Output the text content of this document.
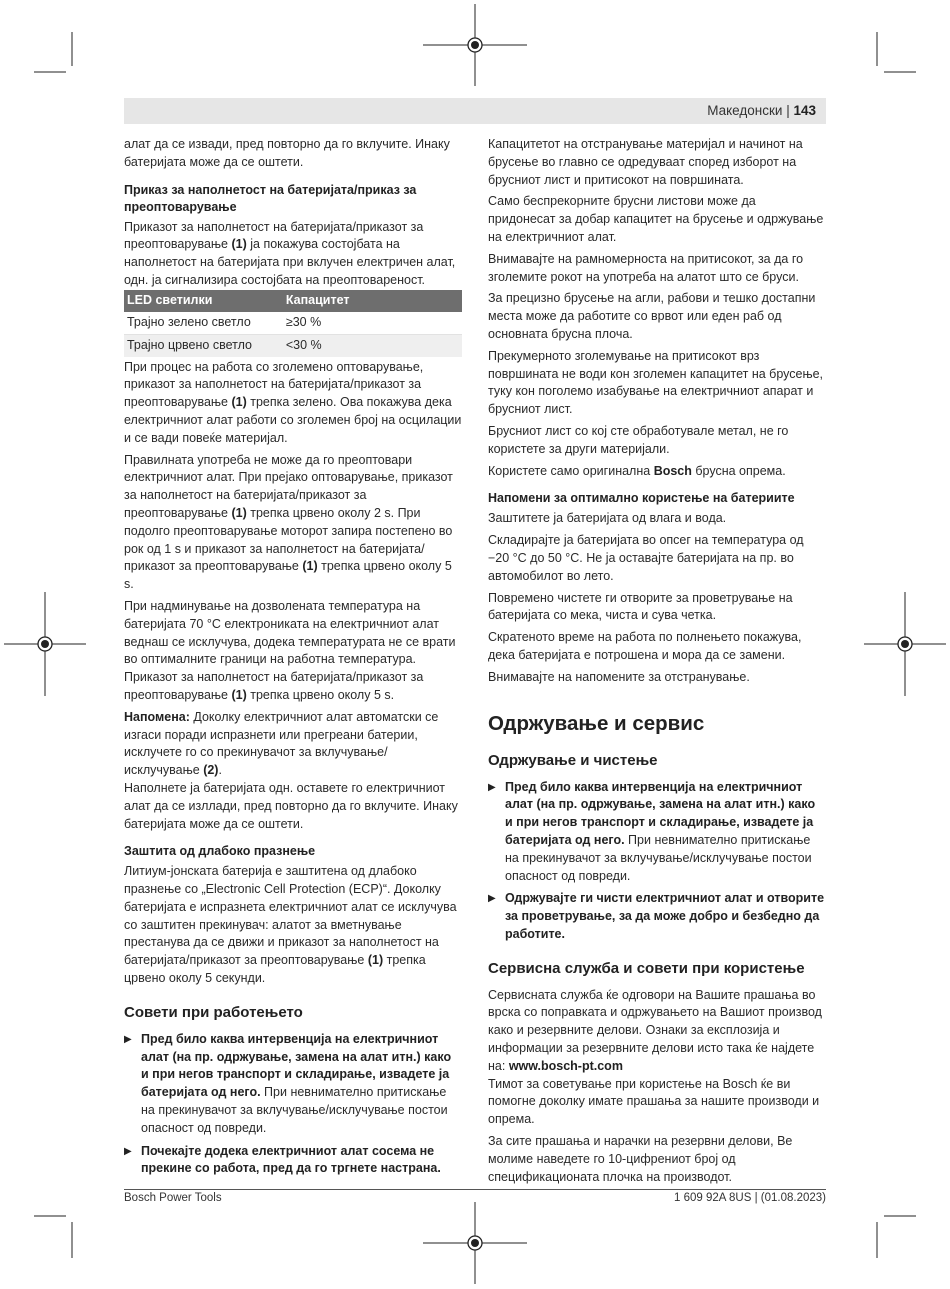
Македонски | 143

алат да се извади, пред повторно да го вклучите. Инаку батеријата може да се оштети.

Приказ за наполнетост на батеријата/приказ за преоптоварување

Приказот за наполнетост на батеријата/приказот за преоптоварување (1) ја покажува состојбата на наполнетост на батеријата при вклучен електричен алат, одн. ја сигнализира состојбата на преоптовареност.

LED светилки	Капацитет
Трајно зелено светло	≥30 %
Трајно црвено светло	<30 %

При процес на работа со зголемено оптоварување, приказот за наполнетост на батеријата/приказот за преоптоварување (1) трепка зелено. Ова покажува дека електричниот алат работи со зголемен број на осцилации и се вади повеќе материјал.

Правилната употреба не може да го преоптовари електричниот алат. При прејако оптоварување, приказот за наполнетост на батеријата/приказот за преоптоварување (1) трепка црвено околу 2 s. При подолго преоптоварување моторот запира постепено во рок од 1 s и приказот за наполнетост на батеријата/приказот за преоптоварување (1) трепка црвено околу 5 s.

При надминување на дозволената температура на батеријата 70 °C електрониката на електричниот алат веднаш се исклучува, додека температурата не се врати во оптималните граници на работна температура. Приказот за наполнетост на батеријата/приказот за преоптоварување (1) трепка црвено околу 5 s.

Напомена: Доколку електричниот алат автоматски се изгаси поради испразнети или прегреани батерии, исклучете го со прекинувачот за вклучување/исклучување (2).

Наполнете ја батеријата одн. оставете го електричниот алат да се изллади, пред повторно да го вклучите. Инаку батеријата може да се оштети.

Заштита од длабоко празнење

Литиум-јонската батерија е заштитена од длабоко празнење со „Electronic Cell Protection (ECP)“. Доколку батеријата е испразнета електричниот алат се исклучува со заштитен прекинувач: алатот за вметнување престанува да се движи и приказот за наполнетост на батеријата/приказот за преоптоварување (1) трепка црвено околу 5 секунди.

Совети при работењето
▶ Пред било каква интервенција на електричниот алат (на пр. одржување, замена на алат итн.) како и при негов транспорт и складирање, извадете ја батеријата од него. При невнимателно притискање на прекинувачот за вклучување/исклучување постои опасност од повреди.
▶ Почекајте додека електричниот алат сосема не прекине со работа, пред да го тргнете настрана.

Капацитетот на отстранување материјал и начинот на брусење во главно се одредуваат според изборот на брусниот лист и притисокот на површината.

Само беспрекорните брусни листови може да придонесат за добар капацитет на брусење и одржување на електричниот алат.

Внимавајте на рамномерноста на притисокот, за да го зголемите рокот на употреба на алатот што се бруси.

За прецизно брусење на агли, рабови и тешко достапни места може да работите со врвот или еден раб од основната брусна плоча.

Прекумерното зголемување на притисокот врз површината не води кон зголемен капацитет на брусење, туку кон поголемо изабување на електричниот апарат и брусниот лист.

Брусниот лист со кој сте обработувале метал, не го користете за други материјали.

Користете само оригинална Bosch брусна опрема.

Напомени за оптимално користење на батериите

Заштитете ја батеријата од влага и вода.

Складирајте ја батеријата во опсег на температура од −20 °C до 50 °C. Не ја оставајте батеријата на пр. во автомобилот во лето.

Повремено чистете ги отворите за проветрување на батеријата со мека, чиста и сува четка.

Скратеното време на работа по полнењето покажува, дека батеријата е потрошена и мора да се замени.

Внимавајте на напомените за отстранување.

Одржување и сервис
Одржување и чистење
▶ Пред било каква интервенција на електричниот алат (на пр. одржување, замена на алат итн.) како и при негов транспорт и складирање, извадете ја батеријата од него. При невнимателно притискање на прекинувачот за вклучување/исклучување постои опасност од повреди.
▶ Одржувајте ги чисти електричниот алат и отворите за проветрување, за да може добро и безбедно да работите.
Сервисна служба и совети при користење

Сервисната служба ќе одговори на Вашите прашања во врска со поправката и одржувањето на Вашиот производ како и резервните делови. Ознаки за експлозија и информации за резервните делови исто така ќе најдете на: www.bosch-pt.com

Тимот за советување при користење на Bosch ќе ви помогне доколку имате прашања за нашите производи и опрема.

За сите прашања и нарачки на резервни делови, Ве молиме наведете го 10-цифрениот број од спецификационата плочка на производот.

Bosch Power Tools	1 609 92A 8US | (01.08.2023)
